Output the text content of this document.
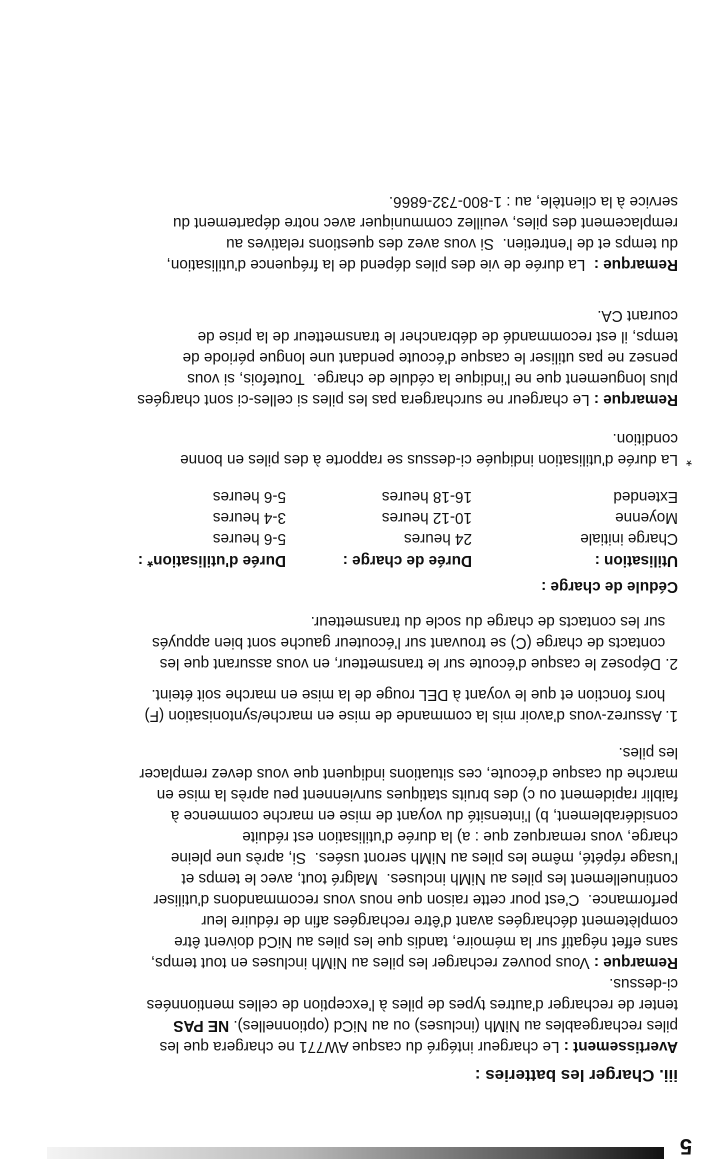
5
iii. Charger les batteries :
Avertissement : Le chargeur intégré du casque AW771 ne chargera que les
piles rechargeables au NiMh (incluses) ou au NiCd (optionnelles). NE PAS
tenter de recharger d'autres types de piles à l'exception de celles mentionnées
ci-dessus.
Remarque : Vous pouvez recharger les piles au NiMh incluses en tout temps,
sans effet négatif sur la mémoire, tandis que les piles au NiCd doivent être
complètement déchargées avant d'être rechargées afin de réduire leur
performance.  C'est pour cette raison que nous vous recommandons d'utiliser
continuellement les piles au NiMh incluses.  Malgré tout, avec le temps et
l'usage répété, même les piles au NiMh seront usées.  Si, après une pleine
charge, vous remarquez que : a) la durée d'utilisation est réduite
considérablement, b) l'intensité du voyant de mise en marche commence à
faiblir rapidement ou c) des bruits statiques surviennent peu après la mise en
marche du casque d'écoute, ces situations indiquent que vous devez remplacer
les piles.
1. Assurez-vous d'avoir mis la commande de mise en marche/syntonisation (F)
hors fonction et que le voyant à DEL rouge de la mise en marche soit éteint.
2. Déposez le casque d'écoute sur le transmetteur, en vous assurant que les
contacts de charge (C) se trouvant sur l'écouteur gauche sont bien appuyés
sur les contacts de charge du socle du transmetteur.
Cédule de charge :
Utilisation :
Durée de charge :
Durée d'utilisation* :
Charge initiale
24 heures
5-6 heures
Moyenne
10-12 heures
3-4 heures
Extended
16-18 heures
5-6 heures
*
La durée d'utilisation indiquée ci-dessus se rapporte à des piles en bonne
condition.
Remarque : Le chargeur ne surchargera pas les piles si celles-ci sont chargées
plus longuement que ne l'indique la cédule de charge.  Toutefois, si vous
pensez ne pas utiliser le casque d'écoute pendant une longue période de
temps, il est recommandé de débrancher le transmetteur de la prise de
courant CA.
Remarque :  La durée de vie des piles dépend de la fréquence d'utilisation,
du temps et de l'entretien.  Si vous avez des questions relatives au
remplacement des piles, veuillez communiquer avec notre département du
service à la clientèle, au : 1-800-732-6866.
